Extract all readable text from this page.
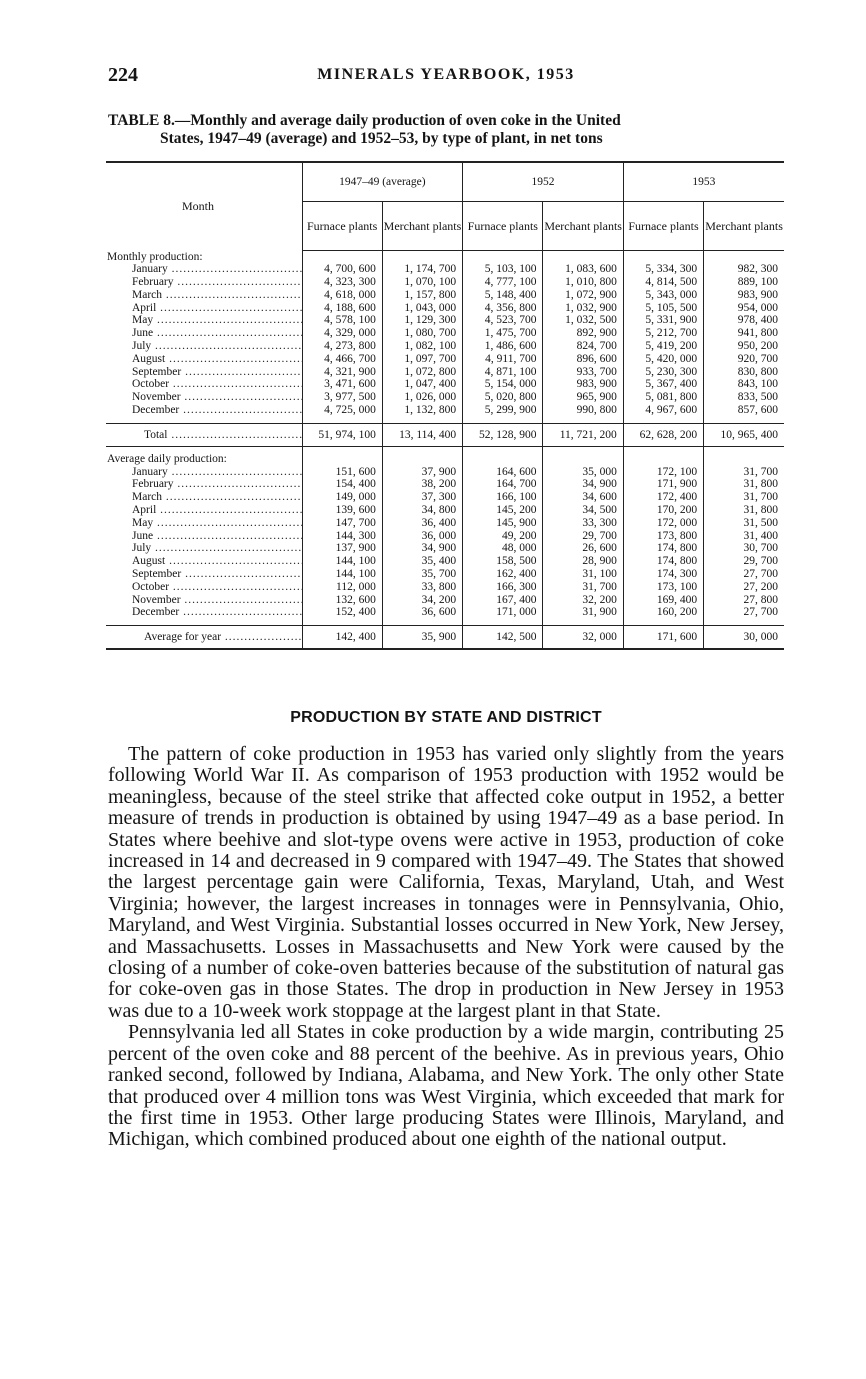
224	MINERALS YEARBOOK, 1953
TABLE 8.—Monthly and average daily production of oven coke in the United
States, 1947–49 (average) and 1952–53, by type of plant, in net tons
Month	1947–49 (average)		1952		1953	
	Furnace plants	Merchant plants	Furnace plants	Merchant plants	Furnace plants	Merchant plants
Monthly production:						
January .....	4, 700, 600	1, 174, 700	5, 103, 100	1, 083, 600	5, 334, 300	982, 300
February .....	4, 323, 300	1, 070, 100	4, 777, 100	1, 010, 800	4, 814, 500	889, 100
March .....	4, 618, 000	1, 157, 800	5, 148, 400	1, 072, 900	5, 343, 000	983, 900
April .....	4, 188, 600	1, 043, 000	4, 356, 800	1, 032, 900	5, 105, 500	954, 000
May .....	4, 578, 100	1, 129, 300	4, 523, 700	1, 032, 500	5, 331, 900	978, 400
June .....	4, 329, 000	1, 080, 700	1, 475, 700	892, 900	5, 212, 700	941, 800
July .....	4, 273, 800	1, 082, 100	1, 486, 600	824, 700	5, 419, 200	950, 200
August .....	4, 466, 700	1, 097, 700	4, 911, 700	896, 600	5, 420, 000	920, 700
September .....	4, 321, 900	1, 072, 800	4, 871, 100	933, 700	5, 230, 300	830, 800
October .....	3, 471, 600	1, 047, 400	5, 154, 000	983, 900	5, 367, 400	843, 100
November .....	3, 977, 500	1, 026, 000	5, 020, 800	965, 900	5, 081, 800	833, 500
December .....	4, 725, 000	1, 132, 800	5, 299, 900	990, 800	4, 967, 600	857, 600

Total .....	51, 974, 100	13, 114, 400	52, 128, 900	11, 721, 200	62, 628, 200	10, 965, 400

Average daily production:						
January .....	151, 600	37, 900	164, 600	35, 000	172, 100	31, 700
February .....	154, 400	38, 200	164, 700	34, 900	171, 900	31, 800
March .....	149, 000	37, 300	166, 100	34, 600	172, 400	31, 700
April .....	139, 600	34, 800	145, 200	34, 500	170, 200	31, 800
May .....	147, 700	36, 400	145, 900	33, 300	172, 000	31, 500
June .....	144, 300	36, 000	49, 200	29, 700	173, 800	31, 400
July .....	137, 900	34, 900	48, 000	26, 600	174, 800	30, 700
August .....	144, 100	35, 400	158, 500	28, 900	174, 800	29, 700
September .....	144, 100	35, 700	162, 400	31, 100	174, 300	27, 700
October .....	112, 000	33, 800	166, 300	31, 700	173, 100	27, 200
November .....	132, 600	34, 200	167, 400	32, 200	169, 400	27, 800
December .....	152, 400	36, 600	171, 000	31, 900	160, 200	27, 700

Average for year .....	142, 400	35, 900	142, 500	32, 000	171, 600	30, 000
PRODUCTION BY STATE AND DISTRICT

The pattern of coke production in 1953 has varied only slightly from the years following World War II. As comparison of 1953 production with 1952 would be meaningless, because of the steel strike that affected coke output in 1952, a better measure of trends in production is obtained by using 1947–49 as a base period. In States where beehive and slot-type ovens were active in 1953, production of coke increased in 14 and decreased in 9 compared with 1947–49. The States that showed the largest percentage gain were California, Texas, Maryland, Utah, and West Virginia; however, the largest increases in tonnages were in Pennsylvania, Ohio, Maryland, and West Virginia. Substantial losses occurred in New York, New Jersey, and Massachusetts. Losses in Massachusetts and New York were caused by the closing of a number of coke-oven batteries because of the substitution of natural gas for coke-oven gas in those States. The drop in production in New Jersey in 1953 was due to a 10-week work stoppage at the largest plant in that State.

Pennsylvania led all States in coke production by a wide margin, contributing 25 percent of the oven coke and 88 percent of the beehive. As in previous years, Ohio ranked second, followed by Indiana, Alabama, and New York. The only other State that produced over 4 million tons was West Virginia, which exceeded that mark for the first time in 1953. Other large producing States were Illinois, Maryland, and Michigan, which combined produced about one eighth of the national output.
